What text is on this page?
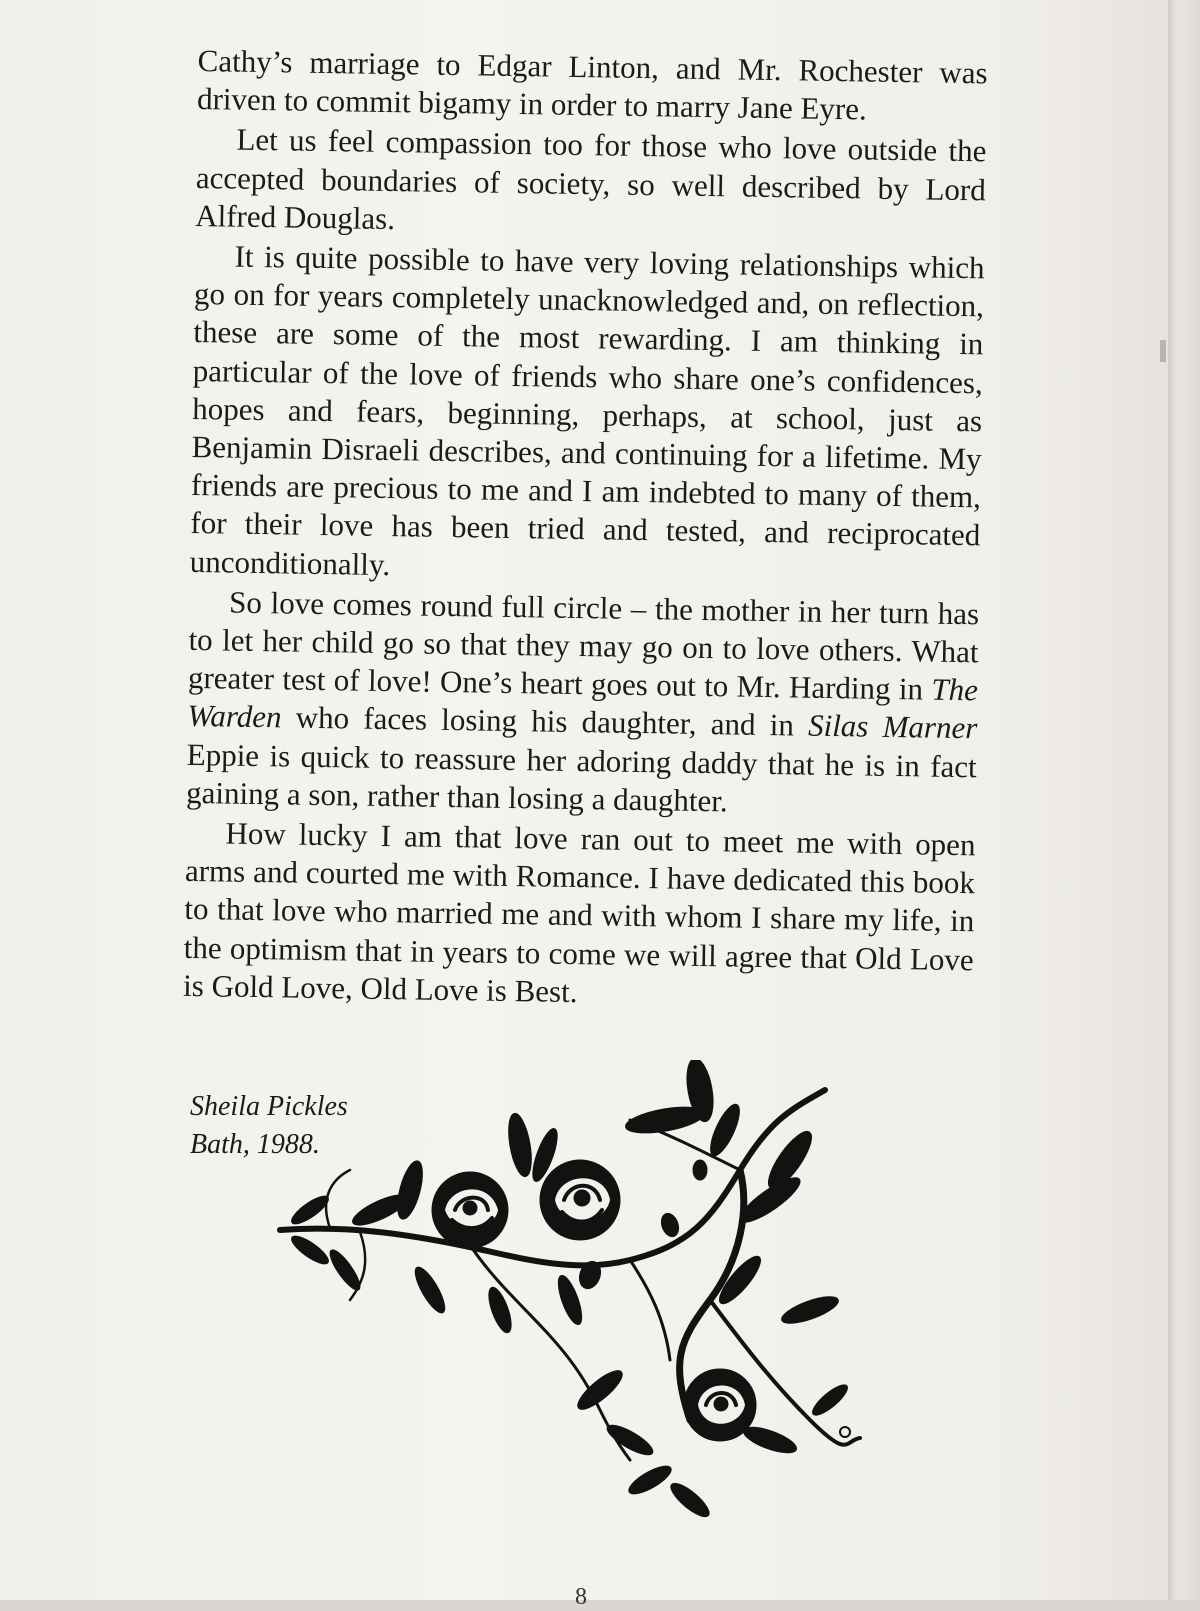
Cathy’s marriage to Edgar Linton, and Mr. Rochester was driven to commit bigamy in order to marry Jane Eyre.

Let us feel compassion too for those who love outside the accepted boundaries of society, so well described by Lord Alfred Douglas.

It is quite possible to have very loving relationships which go on for years completely unacknowledged and, on reflection, these are some of the most rewarding. I am thinking in particular of the love of friends who share one’s confidences, hopes and fears, beginning, perhaps, at school, just as Benjamin Disraeli describes, and continuing for a lifetime. My friends are precious to me and I am indebted to many of them, for their love has been tried and tested, and reciprocated unconditionally.

So love comes round full circle – the mother in her turn has to let her child go so that they may go on to love others. What greater test of love! One’s heart goes out to Mr. Harding in The Warden who faces losing his daughter, and in Silas Marner Eppie is quick to reassure her adoring daddy that he is in fact gaining a son, rather than losing a daughter.

How lucky I am that love ran out to meet me with open arms and courted me with Romance. I have dedicated this book to that love who married me and with whom I share my life, in the optimism that in years to come we will agree that Old Love is Gold Love, Old Love is Best.

Sheila Pickles
Bath, 1988.
8
